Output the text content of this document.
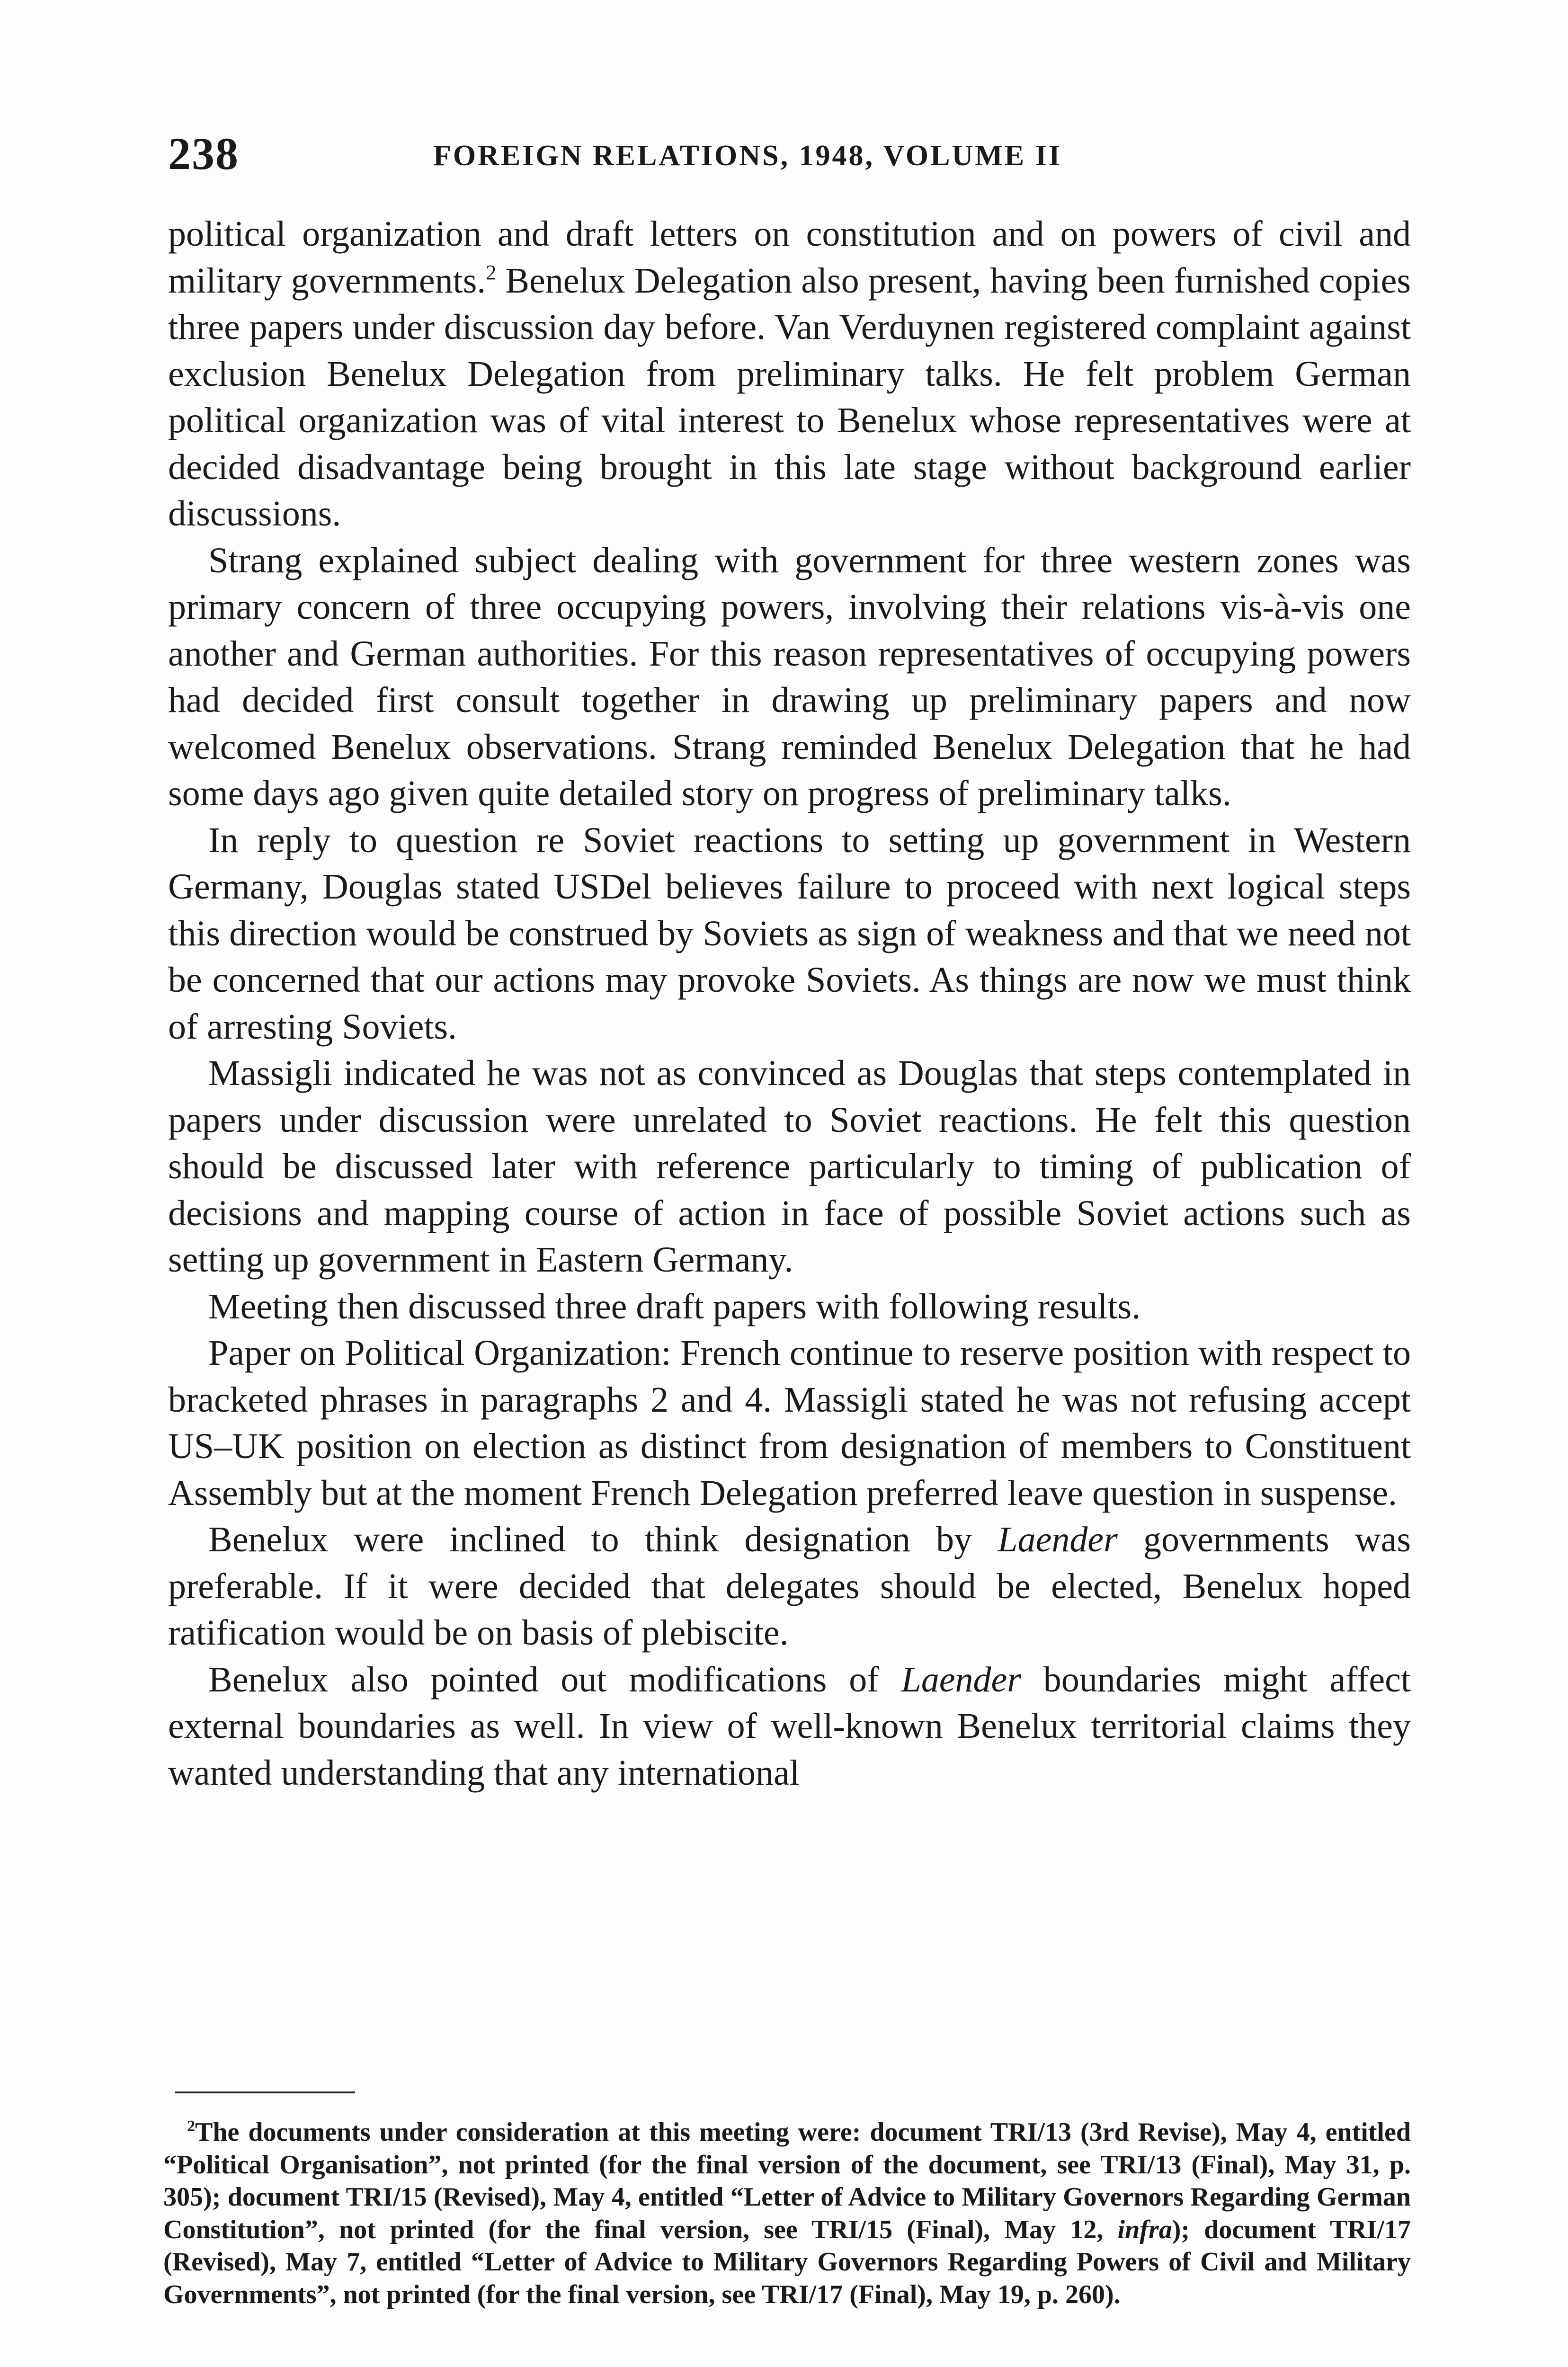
238	FOREIGN RELATIONS, 1948, VOLUME II

political organization and draft letters on constitution and on powers of civil and military governments.$^2$ Benelux Delegation also present, having been furnished copies three papers under discussion day before. Van Verduynen registered complaint against exclusion Benelux Delegation from preliminary talks. He felt problem German political organization was of vital interest to Benelux whose representatives were at decided disadvantage being brought in this late stage without background earlier discussions.

Strang explained subject dealing with government for three western zones was primary concern of three occupying powers, involving their relations vis-à-vis one another and German authorities. For this reason representatives of occupying powers had decided first consult together in drawing up preliminary papers and now welcomed Benelux observations. Strang reminded Benelux Delegation that he had some days ago given quite detailed story on progress of preliminary talks.

In reply to question re Soviet reactions to setting up government in Western Germany, Douglas stated USDel believes failure to proceed with next logical steps this direction would be construed by Soviets as sign of weakness and that we need not be concerned that our actions may provoke Soviets. As things are now we must think of arresting Soviets.

Massigli indicated he was not as convinced as Douglas that steps contemplated in papers under discussion were unrelated to Soviet reactions. He felt this question should be discussed later with reference particularly to timing of publication of decisions and mapping course of action in face of possible Soviet actions such as setting up government in Eastern Germany.

Meeting then discussed three draft papers with following results.

Paper on Political Organization: French continue to reserve position with respect to bracketed phrases in paragraphs 2 and 4. Massigli stated he was not refusing accept US–UK position on election as distinct from designation of members to Constituent Assembly but at the moment French Delegation preferred leave question in suspense.

Benelux were inclined to think designation by Laender governments was preferable. If it were decided that delegates should be elected, Benelux hoped ratification would be on basis of plebiscite.

Benelux also pointed out modifications of Laender boundaries might affect external boundaries as well. In view of well-known Benelux territorial claims they wanted understanding that any international

$^2$The documents under consideration at this meeting were: document TRI/13 (3rd Revise), May 4, entitled “Political Organisation”, not printed (for the final version of the document, see TRI/13 (Final), May 31, p. 305); document TRI/15 (Revised), May 4, entitled “Letter of Advice to Military Governors Regarding German Constitution”, not printed (for the final version, see TRI/15 (Final), May 12, infra); document TRI/17 (Revised), May 7, entitled “Letter of Advice to Military Governors Regarding Powers of Civil and Military Governments”, not printed (for the final version, see TRI/17 (Final), May 19, p. 260).
